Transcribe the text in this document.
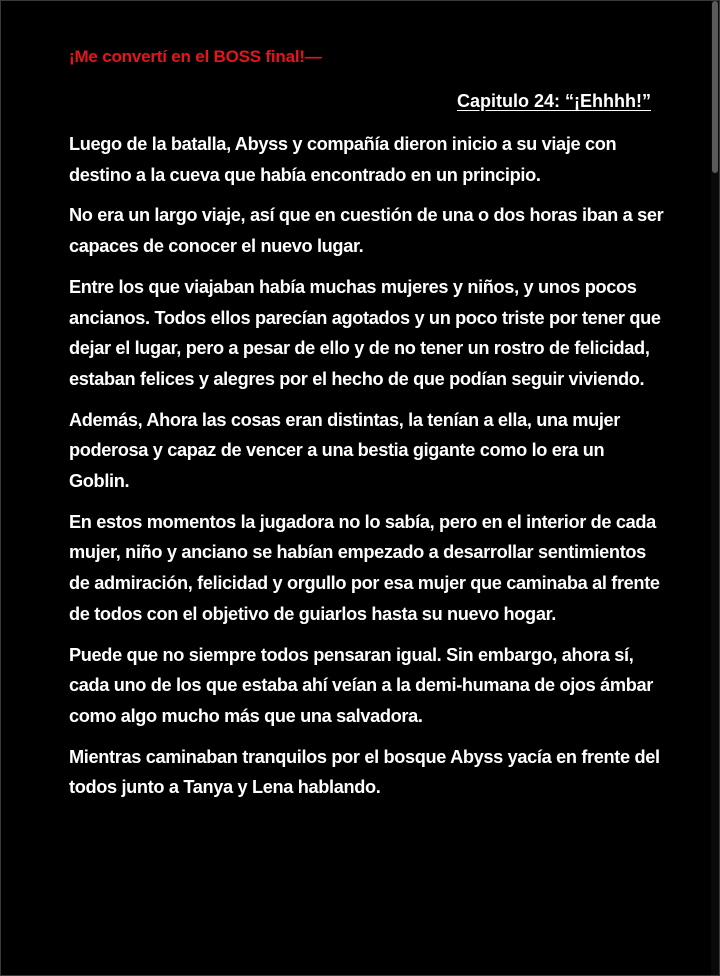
¡Me convertí en el BOSS final!—
Capitulo 24: “¡Ehhhh!”

Luego de la batalla, Abyss y compañía dieron inicio a su viaje con destino a la cueva que había encontrado en un principio.

No era un largo viaje, así que en cuestión de una o dos horas iban a ser capaces de conocer el nuevo lugar.

Entre los que viajaban había muchas mujeres y niños, y unos pocos ancianos. Todos ellos parecían agotados y un poco triste por tener que dejar el lugar, pero a pesar de ello y de no tener un rostro de felicidad, estaban felices y alegres por el hecho de que podían seguir viviendo.

Además, Ahora las cosas eran distintas, la tenían a ella, una mujer poderosa y capaz de vencer a una bestia gigante como lo era un Goblin.

En estos momentos la jugadora no lo sabía, pero en el interior de cada mujer, niño y anciano se habían empezado a desarrollar sentimientos de admiración, felicidad y orgullo por esa mujer que caminaba al frente de todos con el objetivo de guiarlos hasta su nuevo hogar.

Puede que no siempre todos pensaran igual. Sin embargo, ahora sí, cada uno de los que estaba ahí veían a la demi-humana de ojos ámbar como algo mucho más que una salvadora.

Mientras caminaban tranquilos por el bosque Abyss yacía en frente del todos junto a Tanya y Lena hablando.
